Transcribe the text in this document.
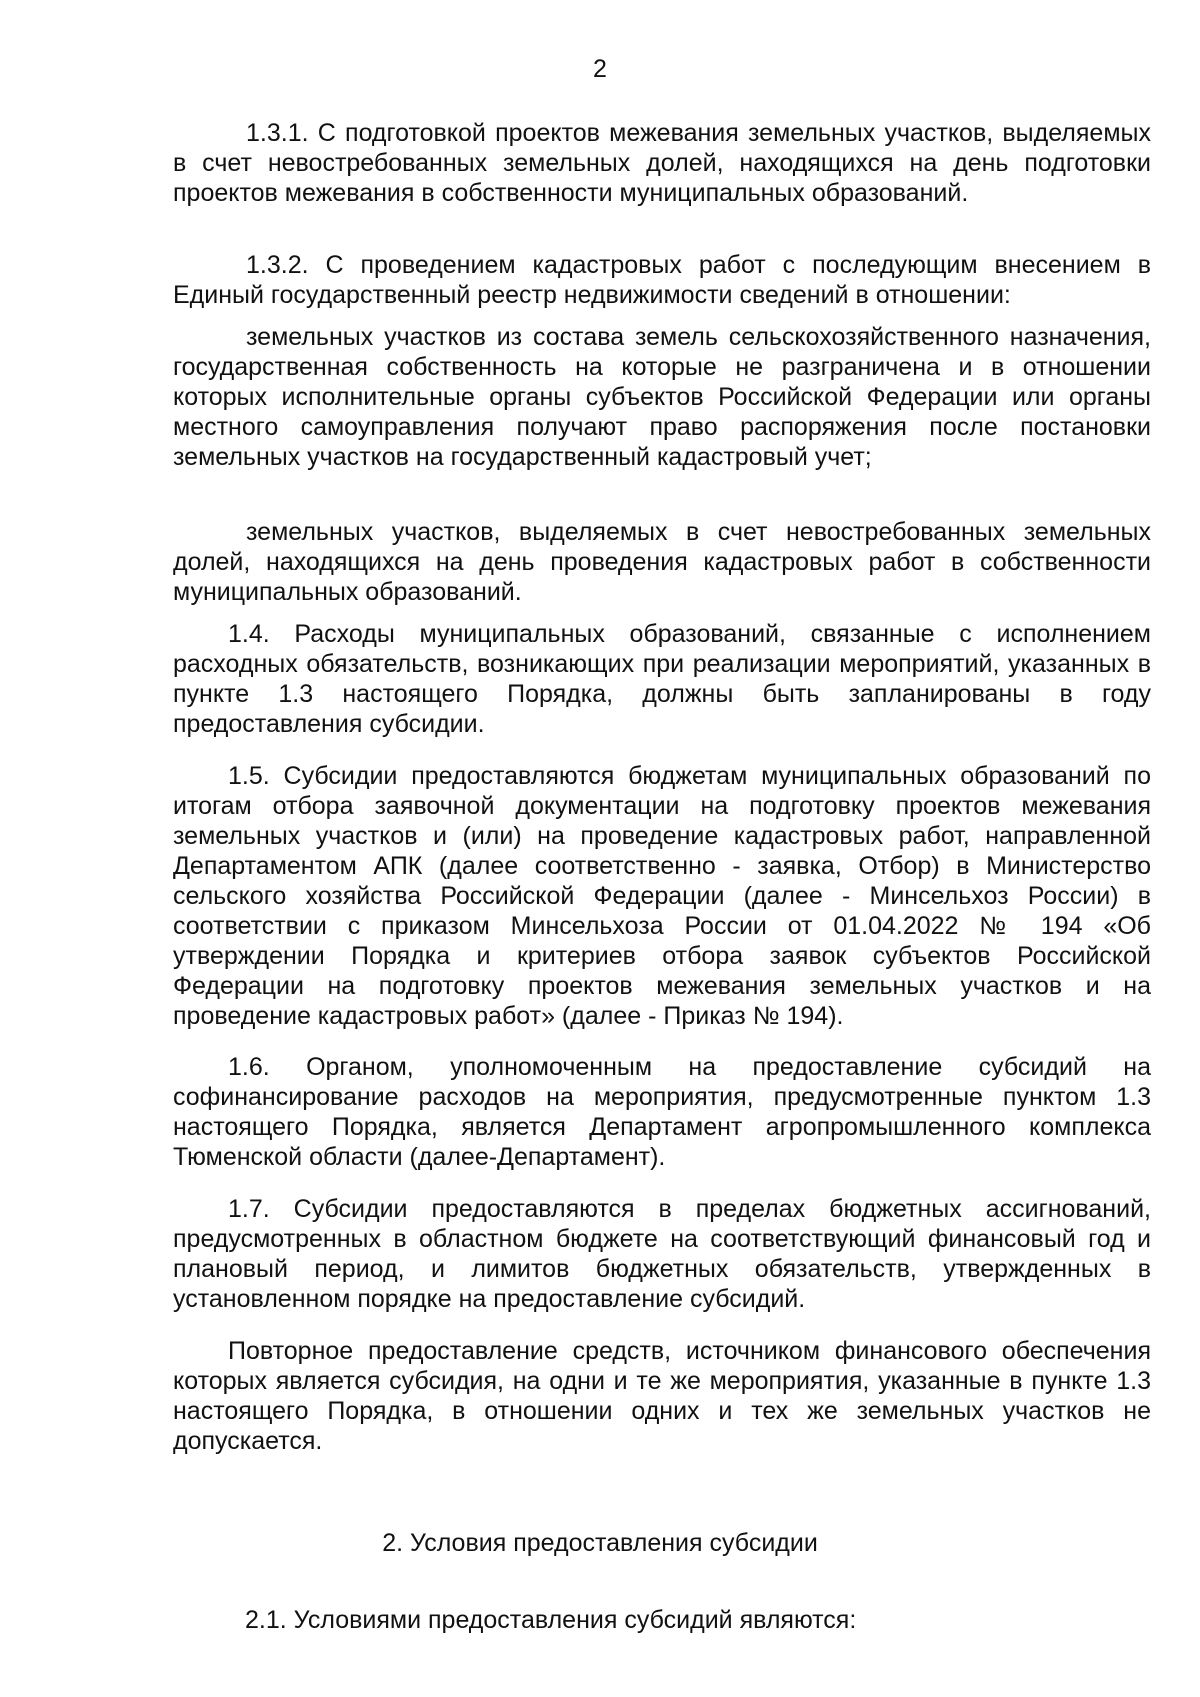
2

1.3.1. С подготовкой проектов межевания земельных участков, выделяемых в счет невостребованных земельных долей, находящихся на день подготовки проектов межевания в собственности муниципальных образований.

1.3.2. С проведением кадастровых работ с последующим внесением в Единый государственный реестр недвижимости сведений в отношении:

земельных участков из состава земель сельскохозяйственного назначения, государственная собственность на которые не разграничена и в отношении которых исполнительные органы субъектов Российской Федерации или органы местного самоуправления получают право распоряжения после постановки земельных участков на государственный кадастровый учет;

земельных участков, выделяемых в счет невостребованных земельных долей, находящихся на день проведения кадастровых работ в собственности муниципальных образований.

1.4. Расходы муниципальных образований, связанные с исполнением расходных обязательств, возникающих при реализации мероприятий, указанных в пункте 1.3 настоящего Порядка, должны быть запланированы в году предоставления субсидии.

1.5. Субсидии предоставляются бюджетам муниципальных образований по итогам отбора заявочной документации на подготовку проектов межевания земельных участков и (или) на проведение кадастровых работ, направленной Департаментом АПК (далее соответственно - заявка, Отбор) в Министерство сельского хозяйства Российской Федерации (далее - Минсельхоз России) в соответствии с приказом Минсельхоза России от 01.04.2022 № 194 «Об утверждении Порядка и критериев отбора заявок субъектов Российской Федерации на подготовку проектов межевания земельных участков и на проведение кадастровых работ» (далее - Приказ № 194).

1.6. Органом, уполномоченным на предоставление субсидий на софинансирование расходов на мероприятия, предусмотренные пунктом 1.3 настоящего Порядка, является Департамент агропромышленного комплекса Тюменской области (далее-Департамент).

1.7. Субсидии предоставляются в пределах бюджетных ассигнований, предусмотренных в областном бюджете на соответствующий финансовый год и плановый период, и лимитов бюджетных обязательств, утвержденных в установленном порядке на предоставление субсидий.

Повторное предоставление средств, источником финансового обеспечения которых является субсидия, на одни и те же мероприятия, указанные в пункте 1.3 настоящего Порядка, в отношении одних и тех же земельных участков не допускается.

2. Условия предоставления субсидии

2.1. Условиями предоставления субсидий являются:
